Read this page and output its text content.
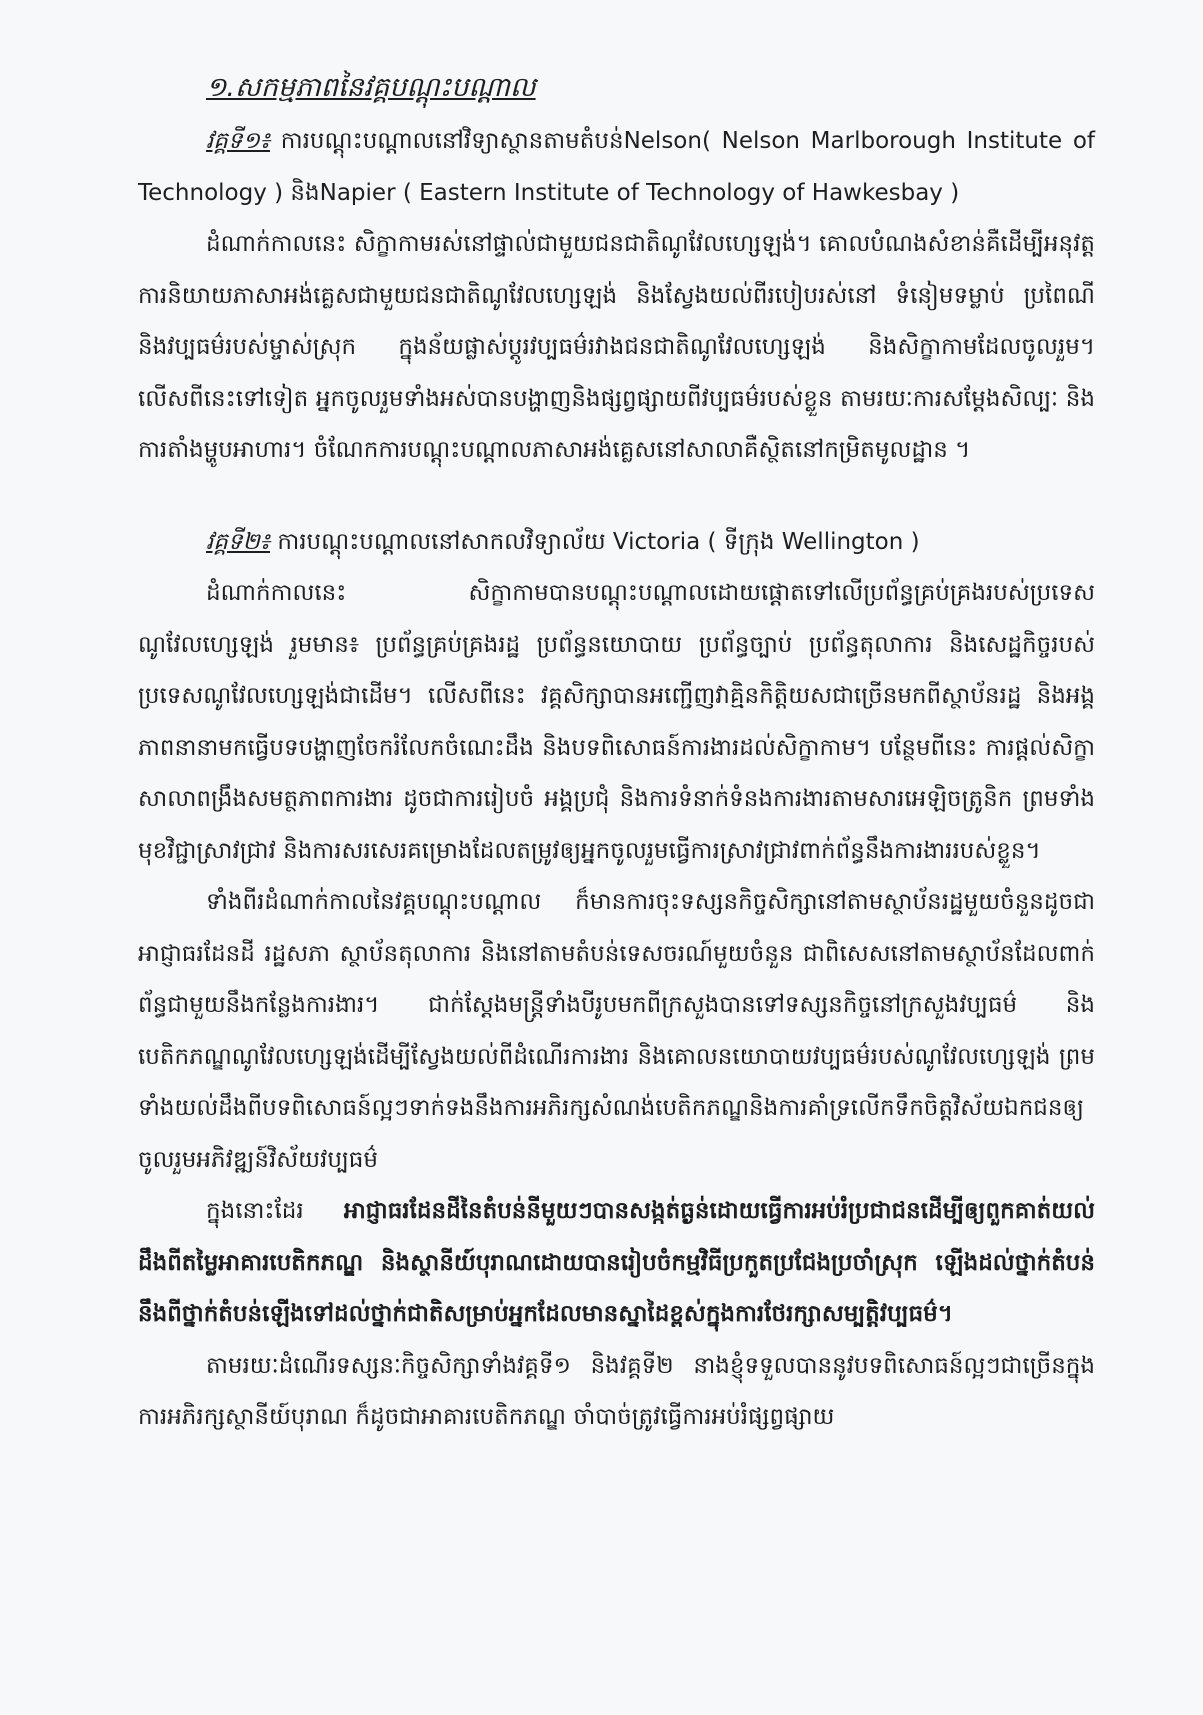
១.សកម្មភាពនៃវគ្គបណ្ដុះបណ្ដាល

វគ្គទី១៖ ការបណ្ដុះបណ្ដាលនៅវិទ្យាស្ថានតាមតំបន់Nelson( Nelson Marlborough Institute of Technology ) និងNapier ( Eastern Institute of Technology of Hawkesbay )

ដំណាក់កាលនេះ សិក្ខាកាមរស់នៅផ្ទាល់ជាមួយជនជាតិណូវែលហ្សេឡង់។ គោលបំណងសំខាន់គឺដើម្បីអនុវត្តការនិយាយភាសាអង់គ្លេសជាមួយជនជាតិណូវែលហ្សេឡង់ និងស្វែងយល់ពីរបៀបរស់នៅ ទំនៀមទម្លាប់ ប្រពៃណី និងវប្បធម៌របស់ម្ចាស់ស្រុក ក្នុងន័យផ្លាស់ប្ដូរវប្បធម៌រវាងជនជាតិណូវែលហ្សេឡង់ និងសិក្ខាកាមដែលចូលរួម។ លើសពីនេះទៅទៀត អ្នកចូលរួមទាំងអស់បានបង្ហាញនិងផ្សព្វផ្សាយពីវប្បធម៌របស់ខ្លួន តាមរយៈការសម្ដែងសិល្បៈ និងការតាំងម្ហូបអាហារ។ ចំណែកការបណ្ដុះបណ្ដាលភាសាអង់គ្លេសនៅសាលាគឺស្ថិតនៅកម្រិតមូលដ្ឋាន ។

វគ្គទី២៖ ការបណ្ដុះបណ្ដាលនៅសាកលវិទ្យាល័យ Victoria ( ទីក្រុង Wellington )

ដំណាក់កាលនេះ សិក្ខាកាមបានបណ្ដុះបណ្ដាលដោយផ្ដោតទៅលើប្រព័ន្ធគ្រប់គ្រងរបស់ប្រទេសណូវែលហ្សេឡង់ រួមមាន៖ ប្រព័ន្ធគ្រប់គ្រងរដ្ឋ ប្រព័ន្ធនយោបាយ ប្រព័ន្ធច្បាប់ ប្រព័ន្ធតុលាការ និងសេដ្ឋកិច្ចរបស់ប្រទេសណូវែលហ្សេឡង់ជាដើម។ លើសពីនេះ វគ្គសិក្សាបានអញ្ជើញវាគ្មិនកិត្តិយសជាច្រើនមកពីស្ថាប័នរដ្ឋ និងអង្គភាពនានាមកធ្វើបទបង្ហាញចែករំលែកចំណេះដឹង និងបទពិសោធន៍ការងារដល់សិក្ខាកាម។ បន្ថែមពីនេះ ការផ្ដល់សិក្ខាសាលាពង្រឹងសមត្ថភាពការងារ ដូចជាការរៀបចំ អង្គប្រជុំ និងការទំនាក់ទំនងការងារតាមសារអេឡិចត្រូនិក ព្រមទាំងមុខវិជ្ជាស្រាវជ្រាវ និងការសរសេរគម្រោងដែលតម្រូវឲ្យអ្នកចូលរួមធ្វើការស្រាវជ្រាវពាក់ព័ន្ធនឹងការងាររបស់ខ្លួន។

ទាំងពីរដំណាក់កាលនៃវគ្គបណ្ដុះបណ្ដាល ក៏មានការចុះទស្សនកិច្ចសិក្សានៅតាមស្ថាប័នរដ្ឋមួយចំនួនដូចជា អាជ្ញាធរដែនដី រដ្ឋសភា ស្ថាប័នតុលាការ និងនៅតាមតំបន់ទេសចរណ៍មួយចំនួន ជាពិសេសនៅតាមស្ថាប័នដែលពាក់ព័ន្ធជាមួយនឹងកន្លែងការងារ។ ជាក់ស្ដែងមន្ត្រីទាំងបីរូបមកពីក្រសួងបានទៅទស្សនកិច្ចនៅក្រសួងវប្បធម៌ និងបេតិកភណ្ឌណូវែលហ្សេឡង់ដើម្បីស្វែងយល់ពីដំណើរការងារ និងគោលនយោបាយវប្បធម៌របស់ណូវែលហ្សេឡង់ ព្រមទាំងយល់ដឹងពីបទពិសោធន៍ល្អៗទាក់ទងនឹងការអភិរក្សសំណង់បេតិកភណ្ឌនិងការគាំទ្រលើកទឹកចិត្តវិស័យឯកជនឲ្យចូលរួមអភិវឌ្ឍន៍វិស័យវប្បធម៌

ក្នុងនោះដែរ អាជ្ញាធរដែនដីនៃតំបន់នីមួយៗបានសង្កត់ធ្ងន់ដោយធ្វើការអប់រំប្រជាជនដើម្បីឲ្យពួកគាត់យល់ដឹងពីតម្លៃអាគារបេតិកភណ្ឌ និងស្ថានីយ៍បុរាណដោយបានរៀបចំកម្មវិធីប្រកួតប្រជែងប្រចាំស្រុក ឡើងដល់ថ្នាក់តំបន់ នឹងពីថ្នាក់តំបន់ឡើងទៅដល់ថ្នាក់ជាតិសម្រាប់អ្នកដែលមានស្នាដៃខ្ពស់ក្នុងការថែរក្សាសម្បត្តិវប្បធម៌។

តាមរយៈដំណើរទស្សនៈកិច្ចសិក្សាទាំងវគ្គទី១ និងវគ្គទី២ នាងខ្ញុំទទួលបាននូវបទពិសោធន៍ល្អៗជាច្រើនក្នុងការអភិរក្សស្ថានីយ៍បុរាណ ក៏ដូចជាអាគារបេតិកភណ្ឌ ចាំបាច់ត្រូវធ្វើការអប់រំផ្សព្វផ្សាយ
